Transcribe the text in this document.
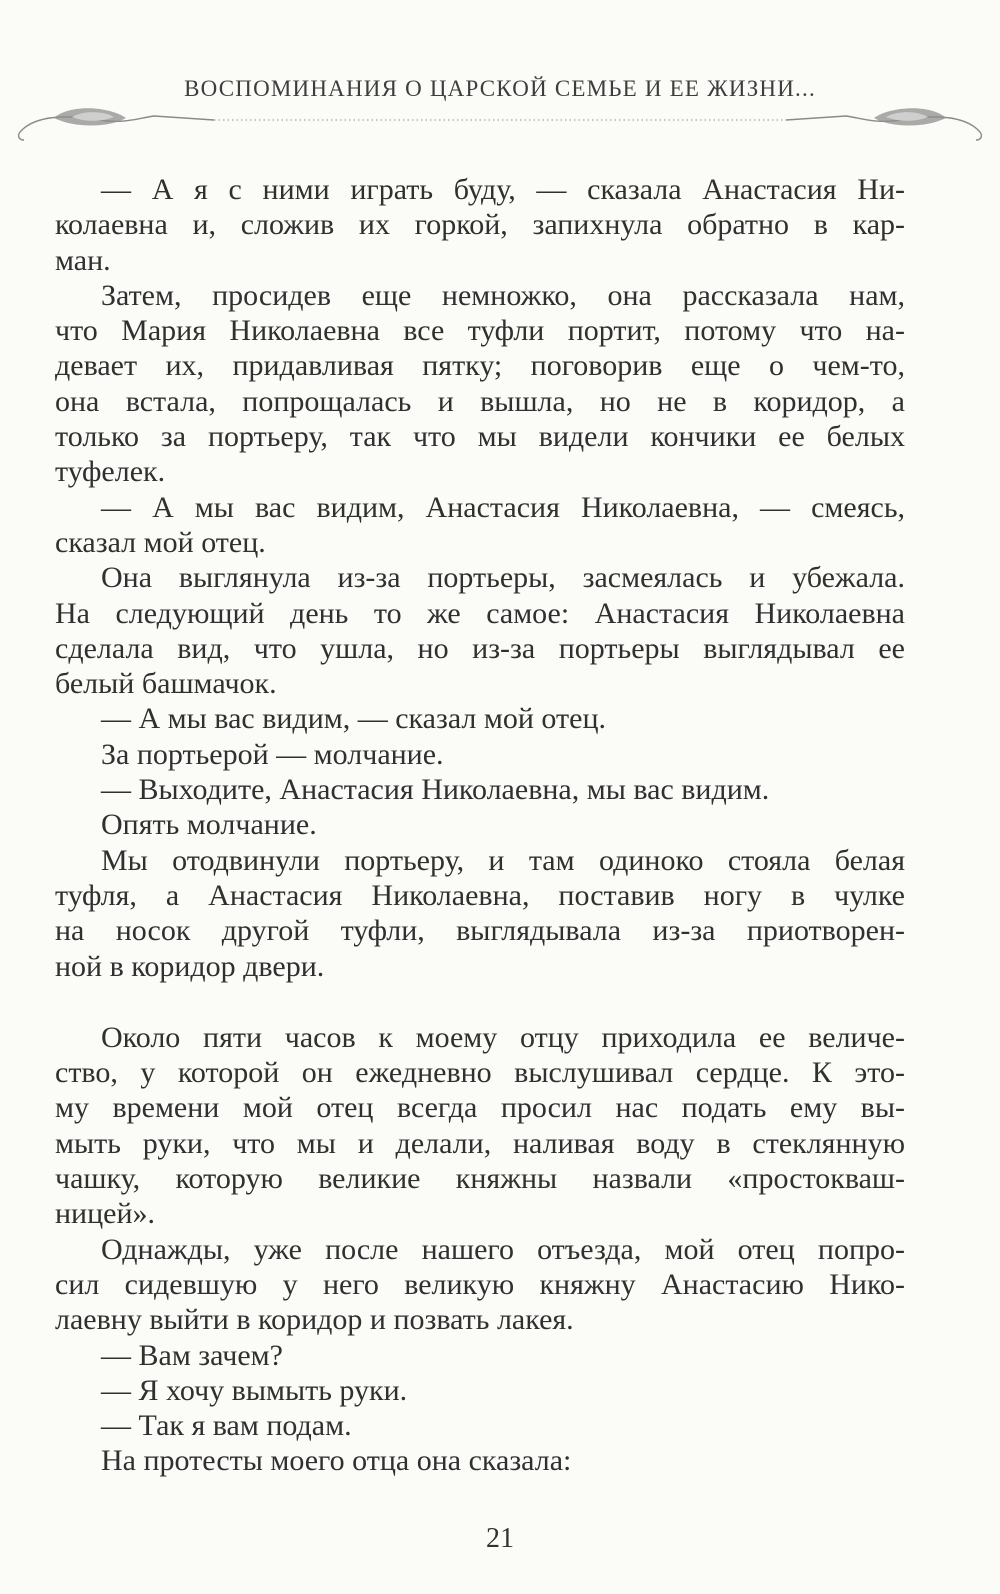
ВОСПОМИНАНИЯ О ЦАРСКОЙ СЕМЬЕ И ЕЕ ЖИЗНИ...
— А я с ними играть буду, — сказала Анастасия Ни-
колаевна и, сложив их горкой, запихнула обратно в кар-
ман.
Затем, просидев еще немножко, она рассказала нам,
что Мария Николаевна все туфли портит, потому что на-
девает их, придавливая пятку; поговорив еще о чем-то,
она встала, попрощалась и вышла, но не в коридор, а
только за портьеру, так что мы видели кончики ее белых
туфелек.
— А мы вас видим, Анастасия Николаевна, — смеясь,
сказал мой отец.
Она выглянула из-за портьеры, засмеялась и убежала.
На следующий день то же самое: Анастасия Николаевна
сделала вид, что ушла, но из-за портьеры выглядывал ее
белый башмачок.
— А мы вас видим, — сказал мой отец.
За портьерой — молчание.
— Выходите, Анастасия Николаевна, мы вас видим.
Опять молчание.
Мы отодвинули портьеру, и там одиноко стояла белая
туфля, а Анастасия Николаевна, поставив ногу в чулке
на носок другой туфли, выглядывала из-за приотворен-
ной в коридор двери.
Около пяти часов к моему отцу приходила ее величе-
ство, у которой он ежедневно выслушивал сердце. К это-
му времени мой отец всегда просил нас подать ему вы-
мыть руки, что мы и делали, наливая воду в стеклянную
чашку, которую великие княжны назвали «простокваш-
ницей».
Однажды, уже после нашего отъезда, мой отец попро-
сил сидевшую у него великую княжну Анастасию Нико-
лаевну выйти в коридор и позвать лакея.
— Вам зачем?
— Я хочу вымыть руки.
— Так я вам подам.
На протесты моего отца она сказала:
21
